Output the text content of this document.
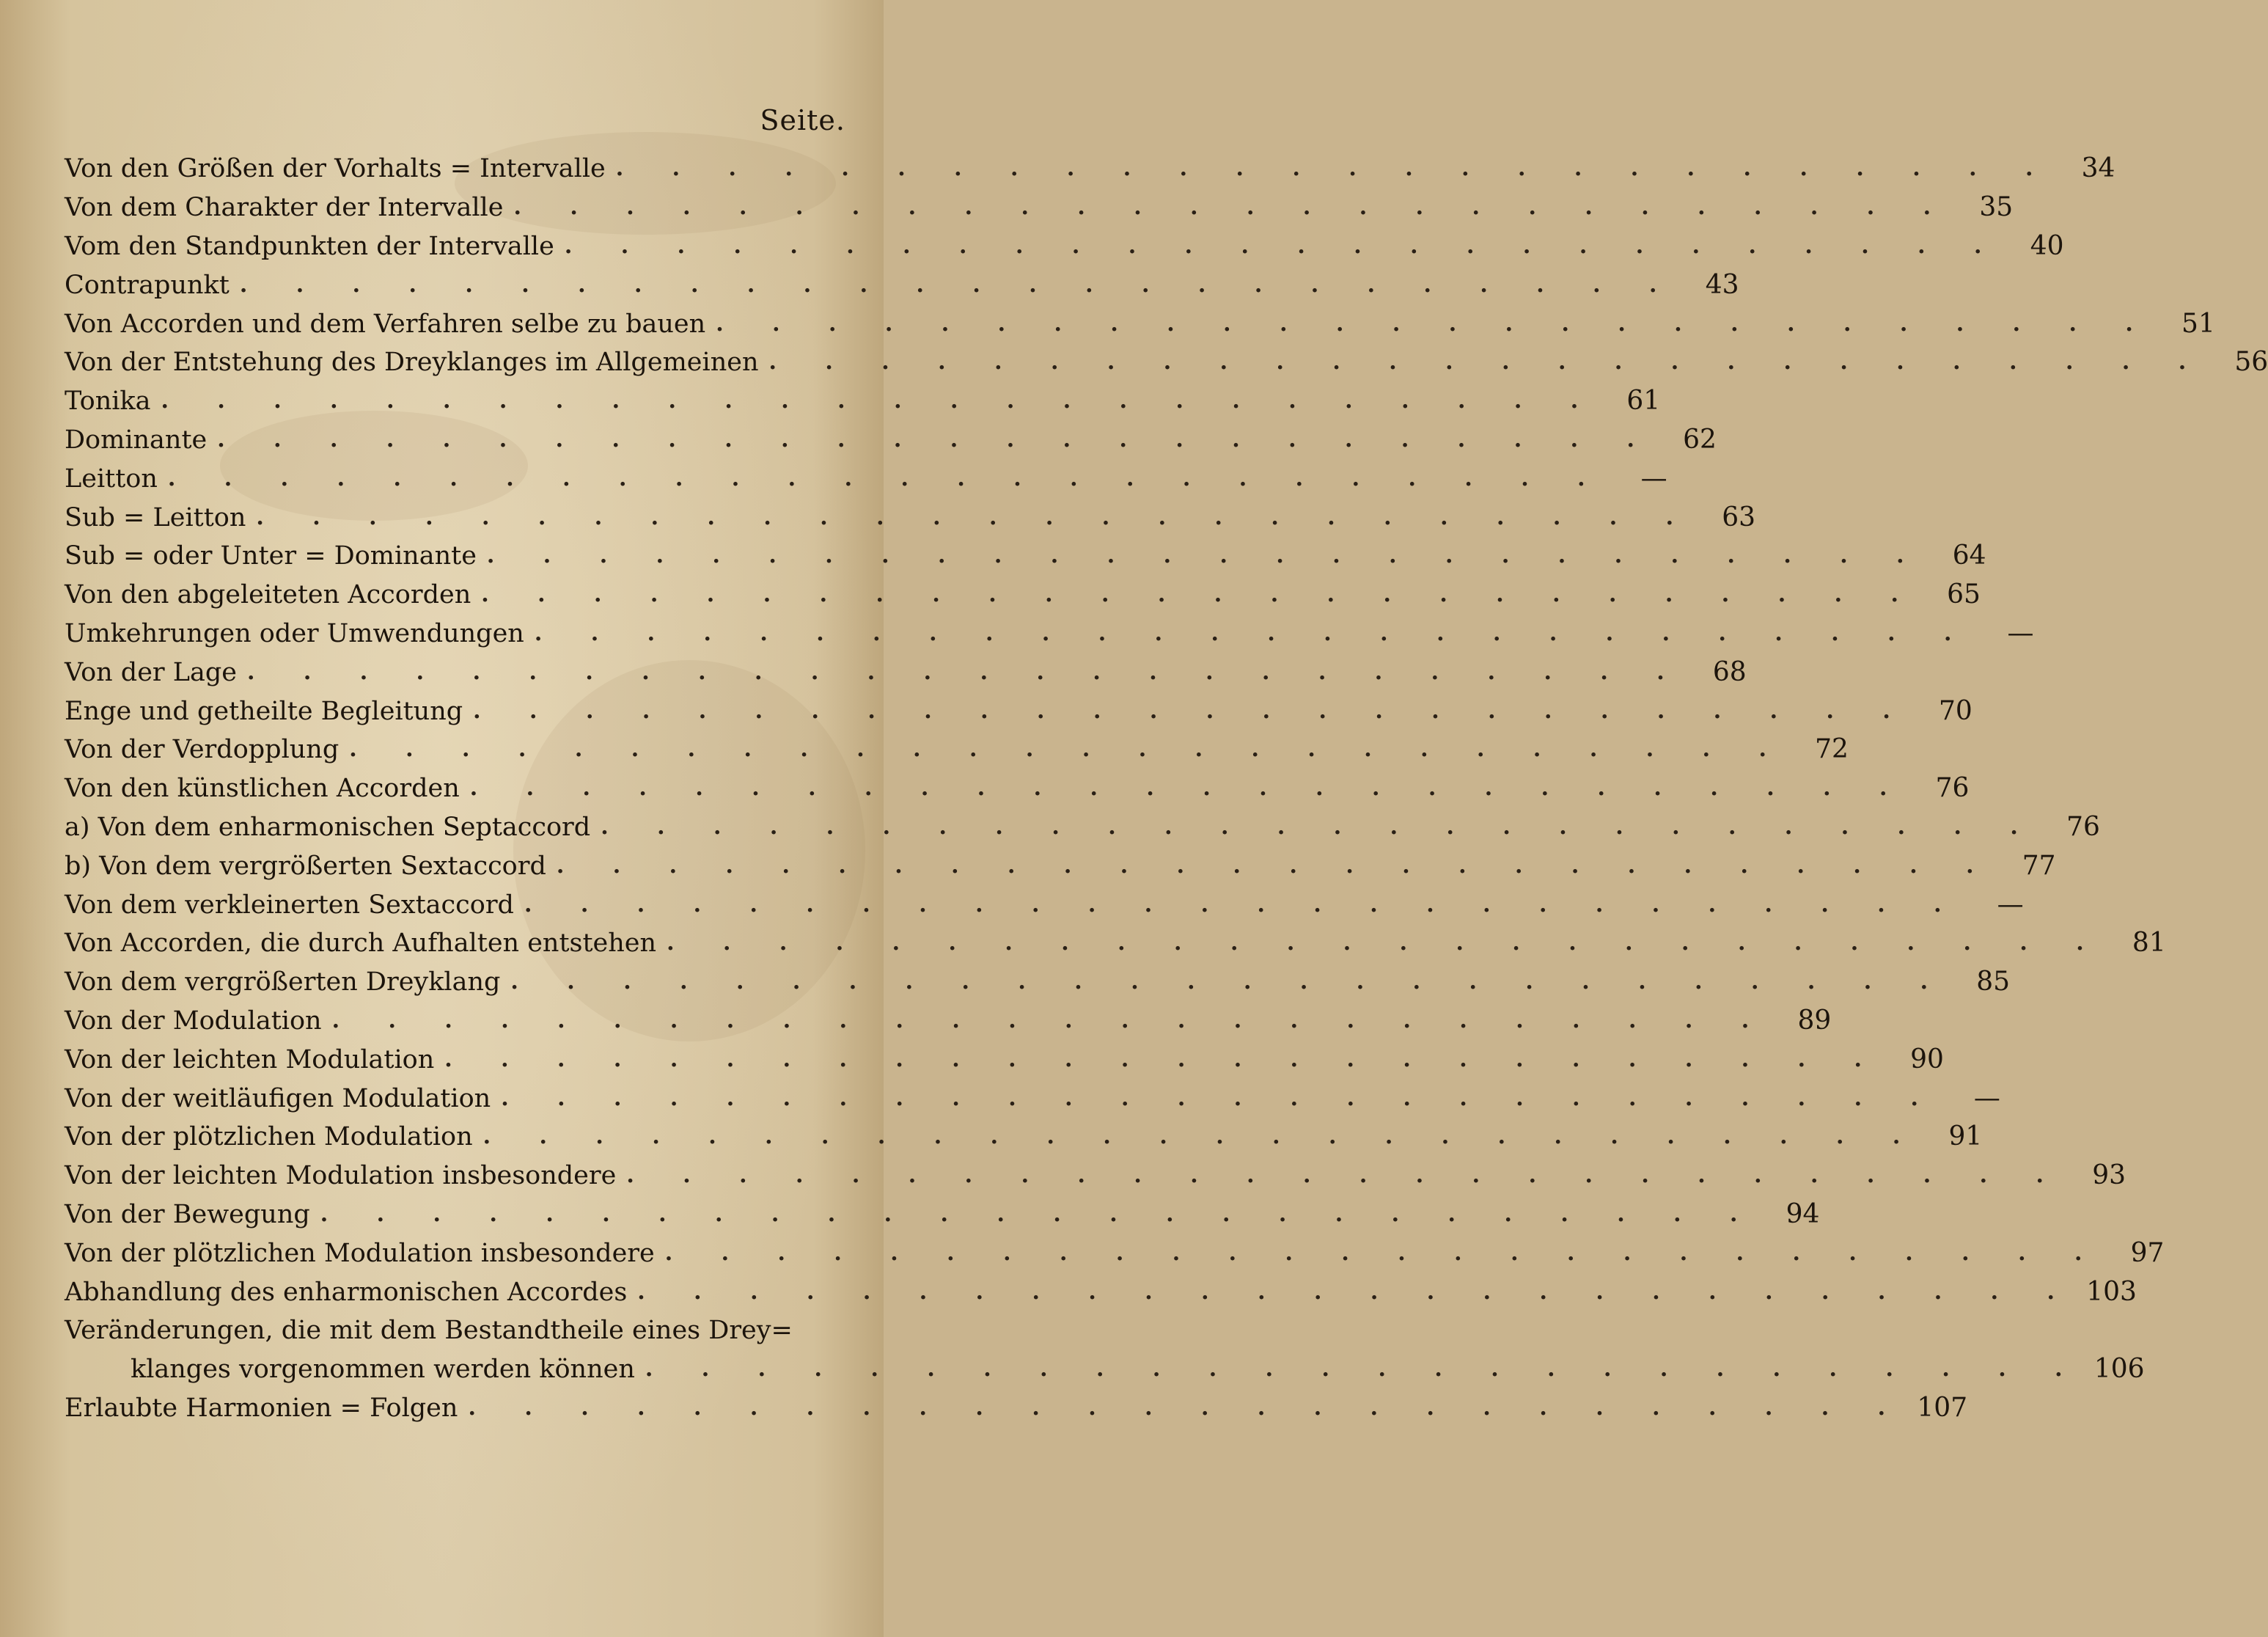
Seite.
Von den Größen der Vorhalts = Intervalle . . . . . . . . . . . . . . . . . . . . . . . . . .	34
Von dem Charakter der Intervalle . . . . . . . . . . . . . . . . . . . . . . . . . .	35
Vom den Standpunkten der Intervalle . . . . . . . . . . . . . . . . . . . . . . . . . .	40
Contrapunkt . . . . . . . . . . . . . . . . . . . . . . . . . .	43
Von Accorden und dem Verfahren selbe zu bauen . . . . . . . . . . . . . . . . . . . . . . . . . .	51
Von der Entstehung des Dreyklanges im Allgemeinen . . . . . . . . . . . . . . . . . . . . . . . . . .	56
Tonika . . . . . . . . . . . . . . . . . . . . . . . . . .	61
Dominante . . . . . . . . . . . . . . . . . . . . . . . . . .	62
Leitton . . . . . . . . . . . . . . . . . . . . . . . . . .	—
Sub = Leitton . . . . . . . . . . . . . . . . . . . . . . . . . .	63
Sub = oder Unter = Dominante . . . . . . . . . . . . . . . . . . . . . . . . . .	64
Von den abgeleiteten Accorden . . . . . . . . . . . . . . . . . . . . . . . . . .	65
Umkehrungen oder Umwendungen . . . . . . . . . . . . . . . . . . . . . . . . . .	—
Von der Lage . . . . . . . . . . . . . . . . . . . . . . . . . .	68
Enge und getheilte Begleitung . . . . . . . . . . . . . . . . . . . . . . . . . .	70
Von der Verdopplung . . . . . . . . . . . . . . . . . . . . . . . . . .	72
Von den künstlichen Accorden . . . . . . . . . . . . . . . . . . . . . . . . . .	76
a) Von dem enharmonischen Septaccord . . . . . . . . . . . . . . . . . . . . . . . . . .	76
b) Von dem vergrößerten Sextaccord . . . . . . . . . . . . . . . . . . . . . . . . . .	77
Von dem verkleinerten Sextaccord . . . . . . . . . . . . . . . . . . . . . . . . . .	—
Von Accorden, die durch Aufhalten entstehen . . . . . . . . . . . . . . . . . . . . . . . . . .	81
Von dem vergrößerten Dreyklang . . . . . . . . . . . . . . . . . . . . . . . . . .	85
Von der Modulation . . . . . . . . . . . . . . . . . . . . . . . . . .	89
Von der leichten Modulation . . . . . . . . . . . . . . . . . . . . . . . . . .	90
Von der weitläufigen Modulation . . . . . . . . . . . . . . . . . . . . . . . . . .	—
Von der plötzlichen Modulation . . . . . . . . . . . . . . . . . . . . . . . . . .	91
Von der leichten Modulation insbesondere . . . . . . . . . . . . . . . . . . . . . . . . . .	93
Von der Bewegung . . . . . . . . . . . . . . . . . . . . . . . . . .	94
Von der plötzlichen Modulation insbesondere . . . . . . . . . . . . . . . . . . . . . . . . . .	97
Abhandlung des enharmonischen Accordes . . . . . . . . . . . . . . . . . . . . . . . . . . 103
Veränderungen, die mit dem Bestandtheile eines Drey=
klanges vorgenommen werden können . . . . . . . . . . . . . . . . . . . . . . . . . . 106
Erlaubte Harmonien = Folgen . . . . . . . . . . . . . . . . . . . . . . . . . . 107
